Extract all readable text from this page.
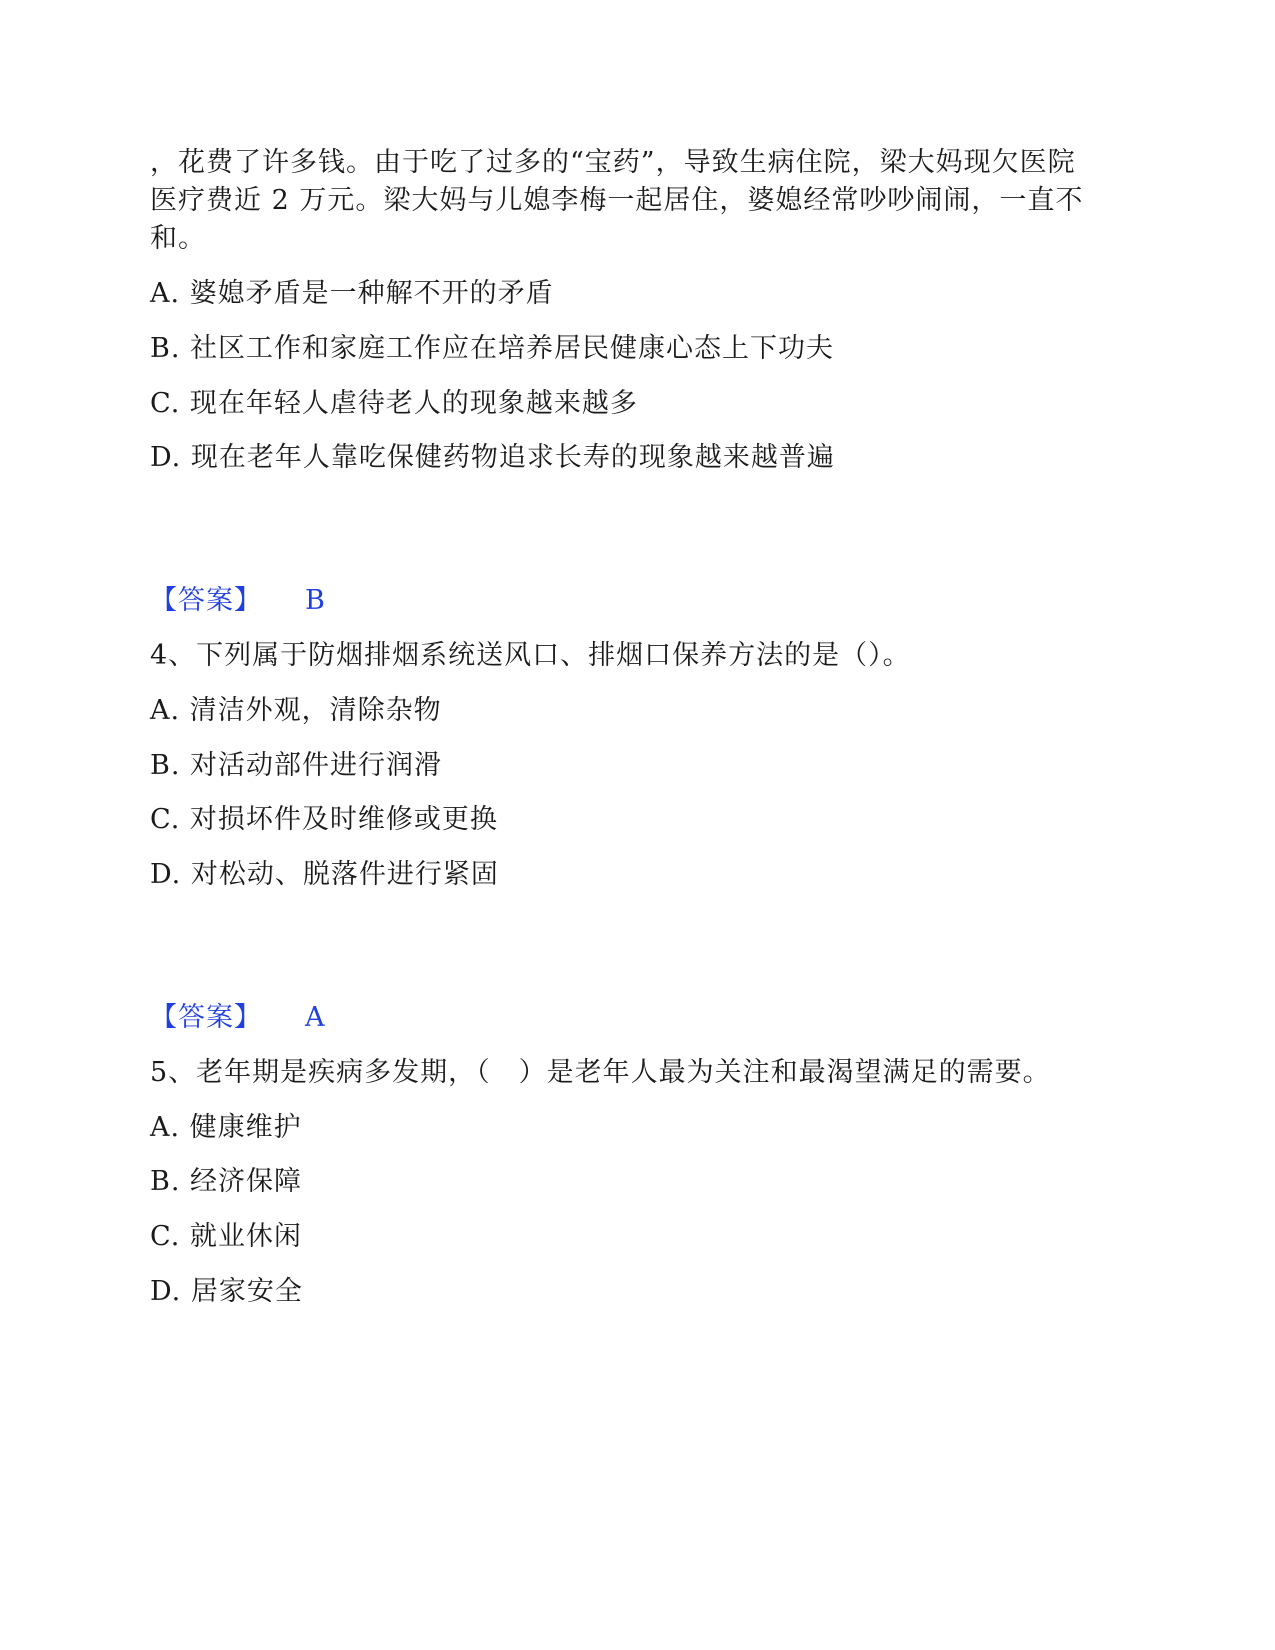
，花费了许多钱。由于吃了过多的“宝药”，导致生病住院，梁大妈现欠医院
医疗费近 2 万元。梁大妈与儿媳李梅一起居住，婆媳经常吵吵闹闹，一直不
和。
A. 婆媳矛盾是一种解不开的矛盾
B. 社区工作和家庭工作应在培养居民健康心态上下功夫
C. 现在年轻人虐待老人的现象越来越多
D. 现在老年人靠吃保健药物追求长寿的现象越来越普遍
【答案】 B
4、下列属于防烟排烟系统送风口、排烟口保养方法的是（）。
A. 清洁外观，清除杂物
B. 对活动部件进行润滑
C. 对损坏件及时维修或更换
D. 对松动、脱落件进行紧固
【答案】 A
5、老年期是疾病多发期，（　）是老年人最为关注和最渴望满足的需要。
A. 健康维护
B. 经济保障
C. 就业休闲
D. 居家安全
